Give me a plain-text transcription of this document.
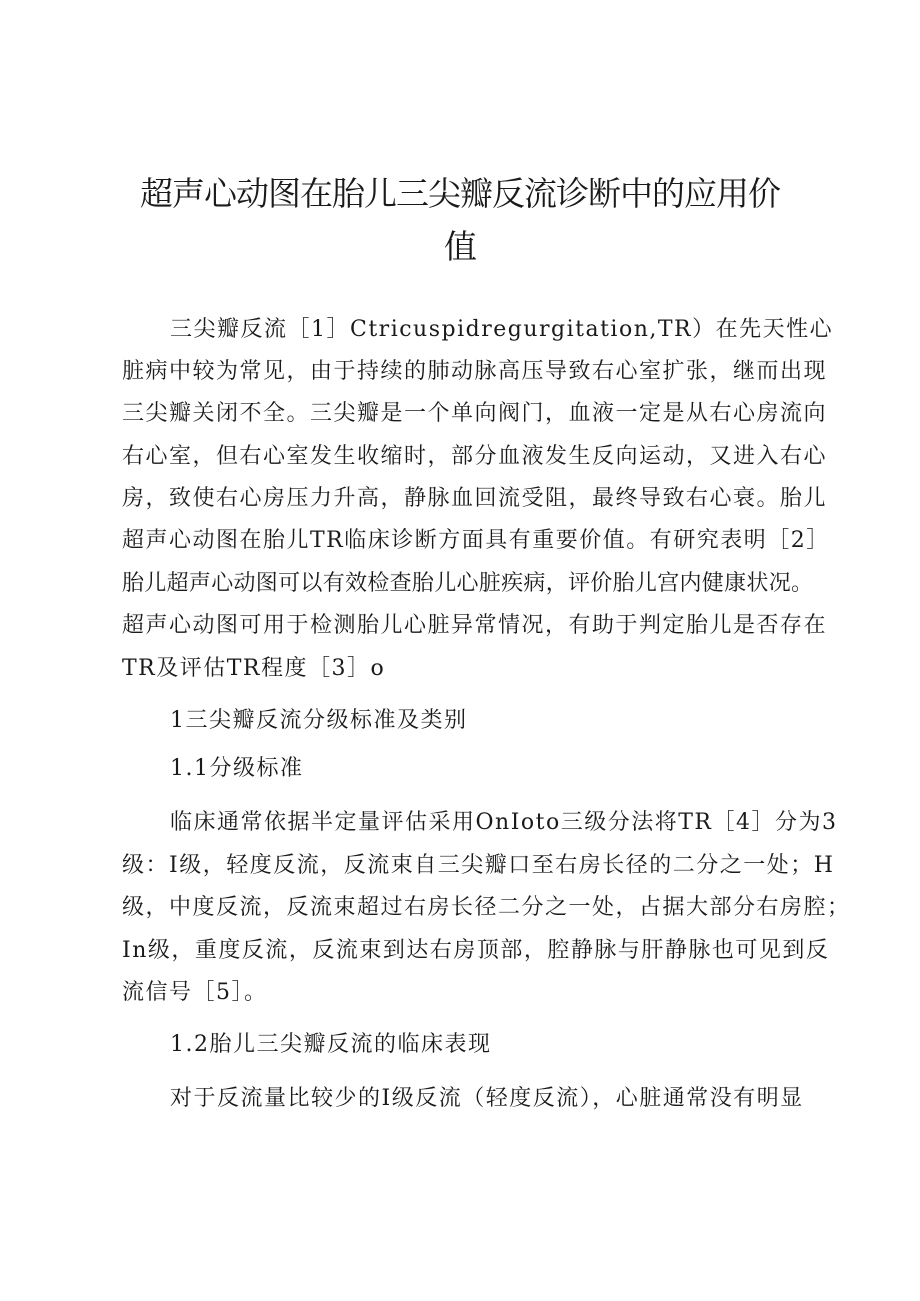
超声心动图在胎儿三尖瓣反流诊断中的应用价
值
三尖瓣反流［1］Ctricuspidregurgitation,TR）在先天性心
脏病中较为常见，由于持续的肺动脉高压导致右心室扩张，继而出现
三尖瓣关闭不全。三尖瓣是一个单向阀门，血液一定是从右心房流向
右心室，但右心室发生收缩时，部分血液发生反向运动，又进入右心
房，致使右心房压力升高，静脉血回流受阻，最终导致右心衰。胎儿
超声心动图在胎儿TR临床诊断方面具有重要价值。有研究表明［2］
胎儿超声心动图可以有效检查胎儿心脏疾病，评价胎儿宫内健康状况。
超声心动图可用于检测胎儿心脏异常情况，有助于判定胎儿是否存在
TR及评估TR程度［3］o
1三尖瓣反流分级标准及类别
1.1分级标准
临床通常依据半定量评估采用OnIoto三级分法将TR［4］分为3
级：I级，轻度反流，反流束自三尖瓣口至右房长径的二分之一处；H
级，中度反流，反流束超过右房长径二分之一处，占据大部分右房腔；
In级，重度反流，反流束到达右房顶部，腔静脉与肝静脉也可见到反
流信号［5］。
1.2胎儿三尖瓣反流的临床表现
对于反流量比较少的I级反流（轻度反流），心脏通常没有明显
